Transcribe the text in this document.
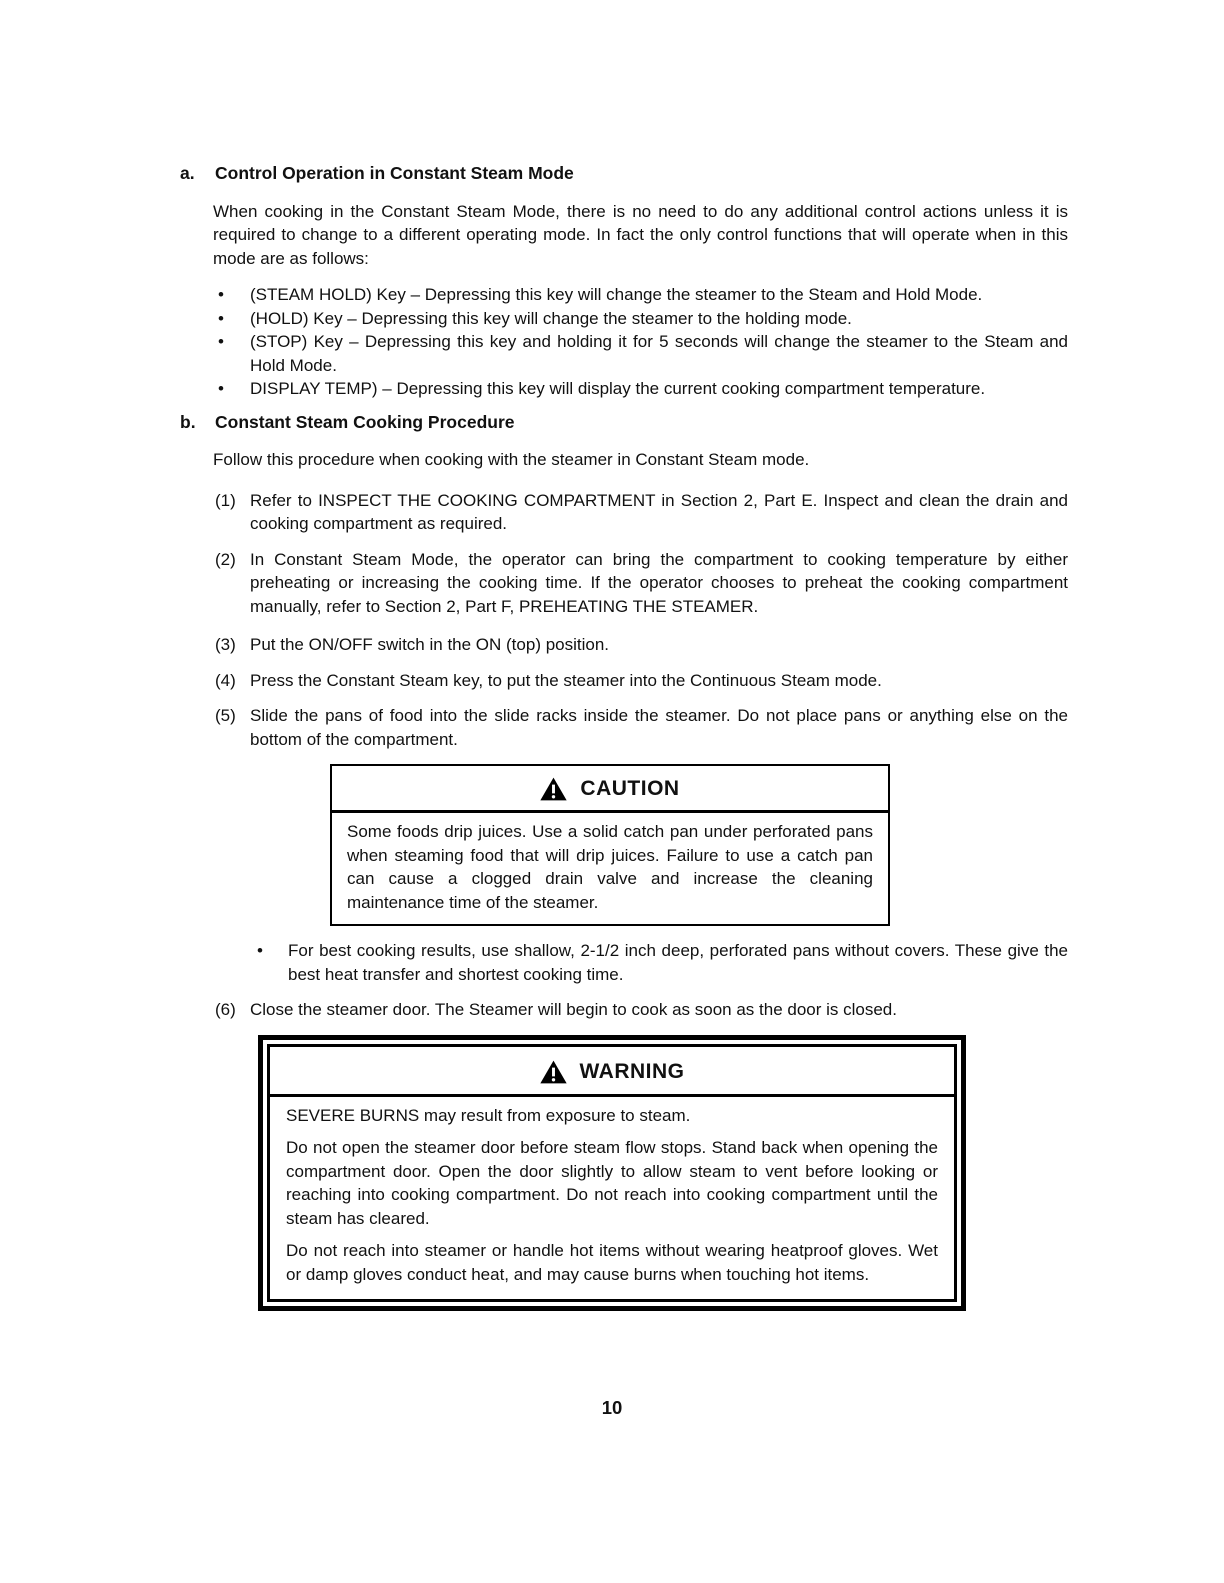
a.	Control Operation in Constant Steam Mode

When cooking in the Constant Steam Mode, there is no need to do any additional control actions unless it is required to change to a different operating mode. In fact the only control functions that will operate when in this mode are as follows:

•	(STEAM HOLD) Key – Depressing this key will change the steamer to the Steam and Hold Mode.
•	(HOLD) Key – Depressing this key will change the steamer to the holding mode.
•	(STOP) Key – Depressing this key and holding it for 5 seconds will change the steamer to the Steam and Hold Mode.
•	DISPLAY TEMP) – Depressing this key will display the current cooking compartment temperature.
b.	Constant Steam Cooking Procedure

Follow this procedure when cooking with the steamer in Constant Steam mode.

(1) Refer to INSPECT THE COOKING COMPARTMENT in Section 2, Part E. Inspect and clean the drain and cooking compartment as required.
(2) In Constant Steam Mode, the operator can bring the compartment to cooking temperature by either preheating or increasing the cooking time. If the operator chooses to preheat the cooking compartment manually, refer to Section 2, Part F, PREHEATING THE STEAMER.
(3) Put the ON/OFF switch in the ON (top) position.
(4) Press the Constant Steam key, to put the steamer into the Continuous Steam mode.
(5) Slide the pans of food into the slide racks inside the steamer. Do not place pans or anything else on the bottom of the compartment.
CAUTION
Some foods drip juices. Use a solid catch pan under perforated pans when steaming food that will drip juices. Failure to use a catch pan can cause a clogged drain valve and increase the cleaning maintenance time of the steamer.
•	For best cooking results, use shallow, 2-1/2 inch deep, perforated pans without covers. These give the best heat transfer and shortest cooking time.
(6) Close the steamer door. The Steamer will begin to cook as soon as the door is closed.
WARNING

SEVERE BURNS may result from exposure to steam.

Do not open the steamer door before steam flow stops. Stand back when opening the compartment door. Open the door slightly to allow steam to vent before looking or reaching into cooking compartment. Do not reach into cooking compartment until the steam has cleared.

Do not reach into steamer or handle hot items without wearing heatproof gloves. Wet or damp gloves conduct heat, and may cause burns when touching hot items.

10
